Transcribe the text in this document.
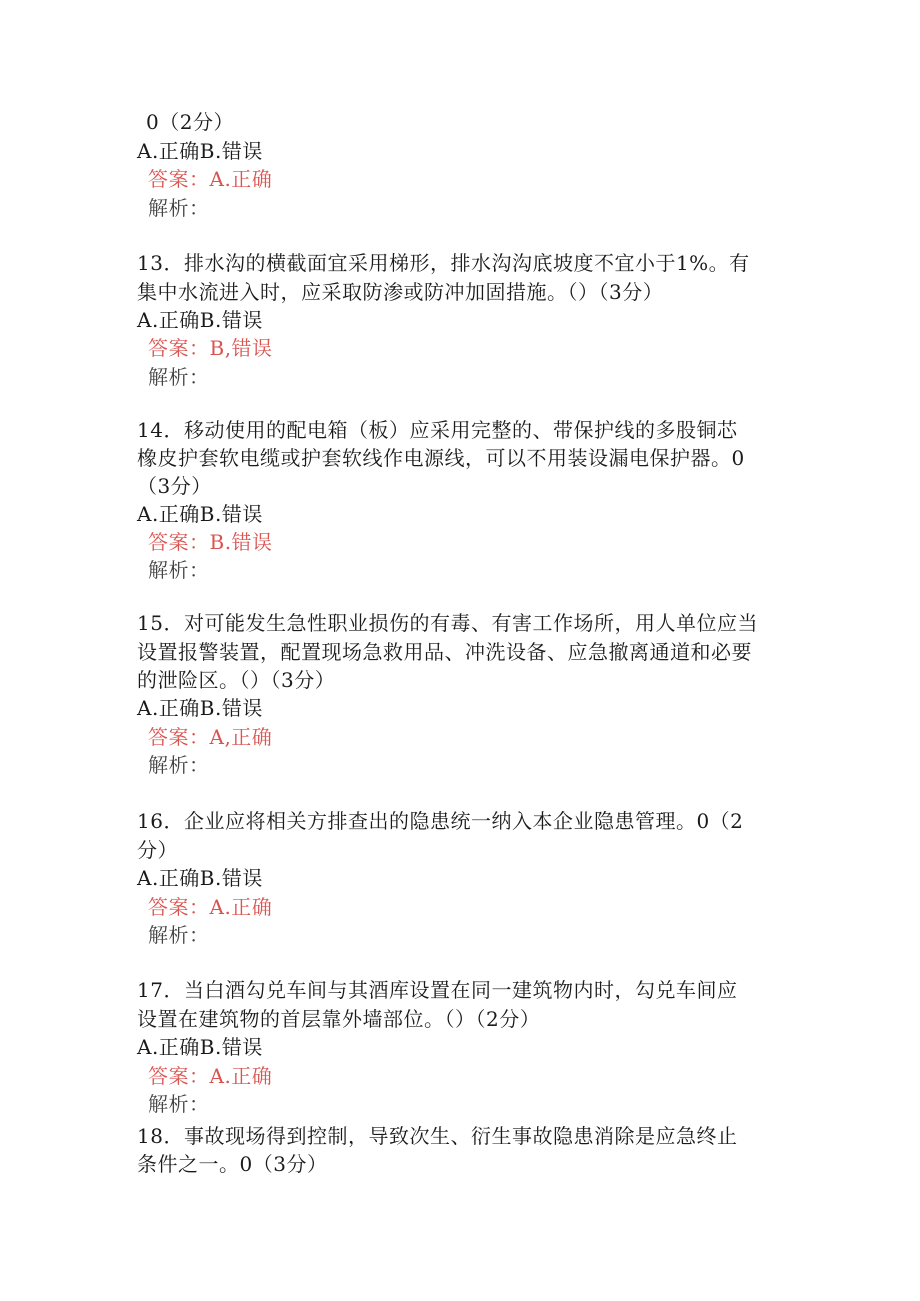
0（2分）
A.正确B.错误
答案：A.正确
解析：
13．排水沟的横截面宜采用梯形，排水沟沟底坡度不宜小于1%。有
集中水流进入时，应采取防渗或防冲加固措施。（）（3分）
A.正确B.错误
答案：B,错误
解析：
14．移动使用的配电箱（板）应采用完整的、带保护线的多股铜芯
橡皮护套软电缆或护套软线作电源线，可以不用装设漏电保护器。0
（3分）
A.正确B.错误
答案：B.错误
解析：
15．对可能发生急性职业损伤的有毒、有害工作场所，用人单位应当
设置报警装置，配置现场急救用品、冲洗设备、应急撤离通道和必要
的泄险区。（）（3分）
A.正确B.错误
答案：A,正确
解析：
16．企业应将相关方排查出的隐患统一纳入本企业隐患管理。0（2
分）
A.正确B.错误
答案：A.正确
解析：
17．当白酒勾兑车间与其酒库设置在同一建筑物内时，勾兑车间应
设置在建筑物的首层靠外墙部位。（）（2分）
A.正确B.错误
答案：A.正确
解析：
18．事故现场得到控制，导致次生、衍生事故隐患消除是应急终止
条件之一。0（3分）
